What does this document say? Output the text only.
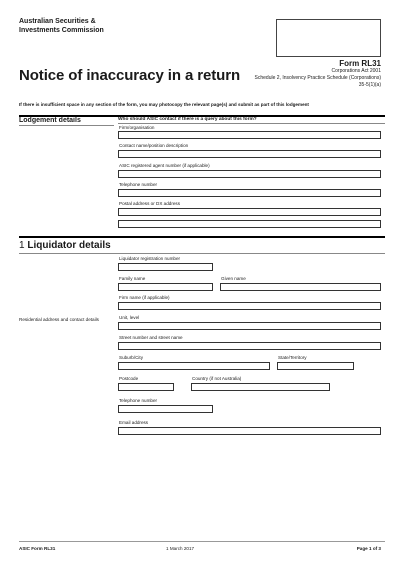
Australian Securities &
Investments Commission
Form RL31
Corporations Act 2001
Schedule 2, Insolvency Practice Schedule (Corporations)
35-5(1)(a)
Notice of inaccuracy in a return
If there is insufficient space in any section of the form, you may photocopy the relevant page(s) and submit as part of this lodgement
Lodgement details	Who should ASIC contact if there is a query about this form?
Firm/organisation
Contact name/position description
ASIC registered agent number (if applicable)
Telephone number
Postal address or DX address
1 Liquidator details
Liquidator registration number
Family name	Given name
Firm name (if applicable)
Residential address and contact details	Unit, level
Street number and street name
Suburb/City	State/Territory
Postcode	Country (if not Australia)
Telephone number
Email address
ASIC Form RL31	1 March 2017	Page 1 of 3
